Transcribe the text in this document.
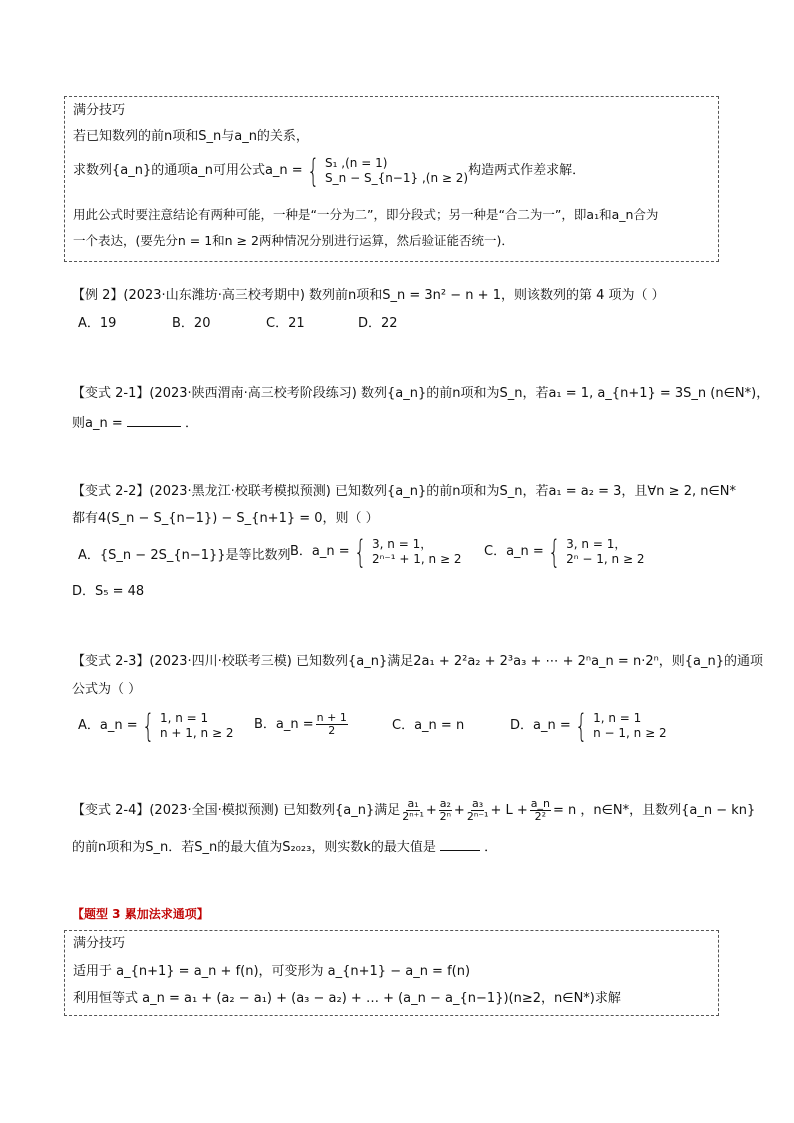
满分技巧
若已知数列的前n项和S_n与a_n的关系，
求数列{a_n}的通项a_n可用公式a_n = { S₁ ,(n = 1)
S_n − S_{n−1} ,(n ≥ 2) 构造两式作差求解．
用此公式时要注意结论有两种可能，一种是“一分为二”，即分段式；另一种是“合二为一”，即a₁和a_n合为
一个表达，(要先分n = 1和n ≥ 2两种情况分别进行运算，然后验证能否统一)．
【例 2】(2023·山东潍坊·高三校考期中) 数列前n项和S_n = 3n² − n + 1，则该数列的第 4 项为（ ）
A．19	B．20	C．21	D．22
【变式 2-1】(2023·陕西渭南·高三校考阶段练习) 数列{a_n}的前n项和为S_n，若a₁ = 1, a_{n+1} = 3S_n (n∈N*)，
则a_n =	．
【变式 2-2】(2023·黑龙江·校联考模拟预测) 已知数列{a_n}的前n项和为S_n，若a₁ = a₂ = 3，且∀n ≥ 2, n∈N*
都有4(S_n − S_{n−1}) − S_{n+1} = 0，则（ ）
A．{S_n − 2S_{n−1}}是等比数列 B．a_n = { 3, n = 1，
2ⁿ⁻¹ + 1, n ≥ 2 C．a_n = { 3, n = 1，
2ⁿ − 1, n ≥ 2
D．S₅ = 48
【变式 2-3】(2023·四川·校联考三模) 已知数列{a_n}满足2a₁ + 2²a₂ + 2³a₃ + ⋯ + 2ⁿa_n = n·2ⁿ，则{a_n}的通项
公式为（ ）
A．a_n = { 1, n = 1
n + 1, n ≥ 2
B．a_n = $\frac{n + 1}{2}$	C．a_n = n	D．a_n = { 1, n = 1
n − 1, n ≥ 2
【变式 2-4】(2023·全国·模拟预测) 已知数列{a_n}满足 $\frac{\text{a₁}}{\text{2ⁿ⁺¹}} + \frac{\text{a₂}}{\text{2ⁿ}} + \frac{\text{a₃}}{\text{2ⁿ⁻¹}} + L + \frac{a\_n}{\text{2²}} = n$ ，n∈N*，且数列{a_n − kn}
的前n项和为S_n．若S_n的最大值为S₂₀₂₃，则实数k的最大值是	．
【题型 3 累加法求通项】
满分技巧
适用于 a_{n+1} = a_n + f(n)，可变形为 a_{n+1} − a_n = f(n)
利用恒等式 a_n = a₁ + (a₂ − a₁) + (a₃ − a₂) + … + (a_n − a_{n−1})(n≥2，n∈N*)求解
